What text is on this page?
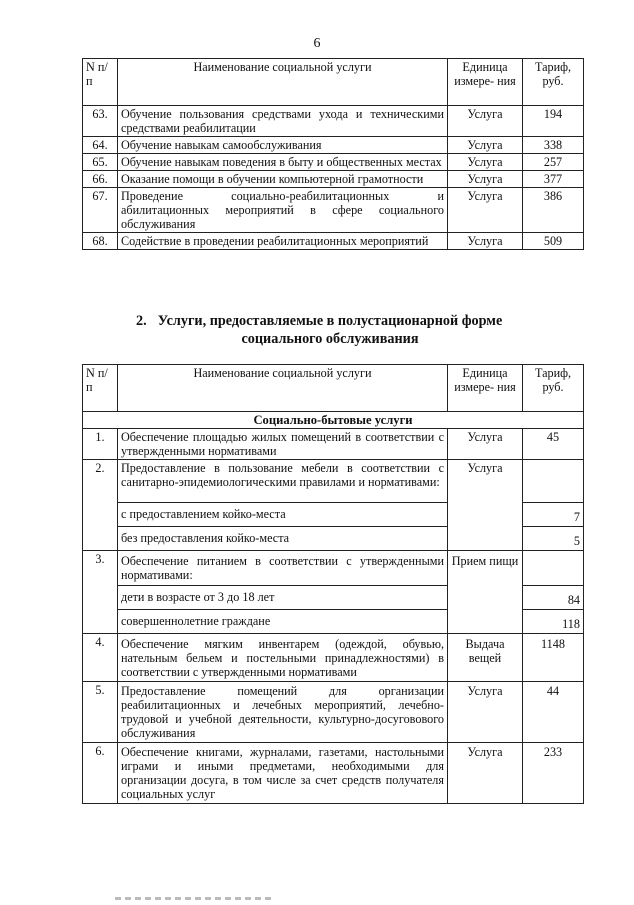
6
N п/п	Наименование социальной услуги	Единица измере- ния	Тариф, руб.
63.	Обучение пользования средствами ухода и техническими средствами реабилитации	Услуга	194
64.	Обучение навыкам самообслуживания	Услуга	338
65.	Обучение навыкам поведения в быту и общественных местах	Услуга	257
66.	Оказание помощи в обучении компьютерной грамотности	Услуга	377
67.	Проведение социально-реабилитационных и абилитационных мероприятий в сфере социального обслуживания	Услуга	386
68.	Содействие в проведении реабилитационных мероприятий	Услуга	509
2. Услуги, предоставляемые в полустационарной форме
социального обслуживания
N п/п	Наименование социальной услуги	Единица измере- ния	Тариф, руб.
Социально-бытовые услуги			
1.	Обеспечение площадью жилых помещений в соответствии с утвержденными нормативами	Услуга	45
2.	Предоставление в пользование мебели в соответствии с санитарно-эпидемиологическими правилами и нормативами:	Услуга	
	с предоставлением койко-места		7
	без предоставления койко-места		5
3.	Обеспечение питанием в соответствии с утвержденными нормативами:	Прием пищи	
	дети в возрасте от 3 до 18 лет		84
	совершеннолетние граждане		118
4.	Обеспечение мягким инвентарем (одеждой, обувью, нательным бельем и постельными принадлежностями) в соответствии с утвержденными нормативами	Выдача вещей	1148
5.	Предоставление помещений для организации реабилитационных и лечебных мероприятий, лечебно-трудовой и учебной деятельности, культурно-досуговового обслуживания	Услуга	44
6.	Обеспечение книгами, журналами, газетами, настольными играми и иными предметами, необходимыми для организации досуга, в том числе за счет средств получателя социальных услуг	Услуга	233
